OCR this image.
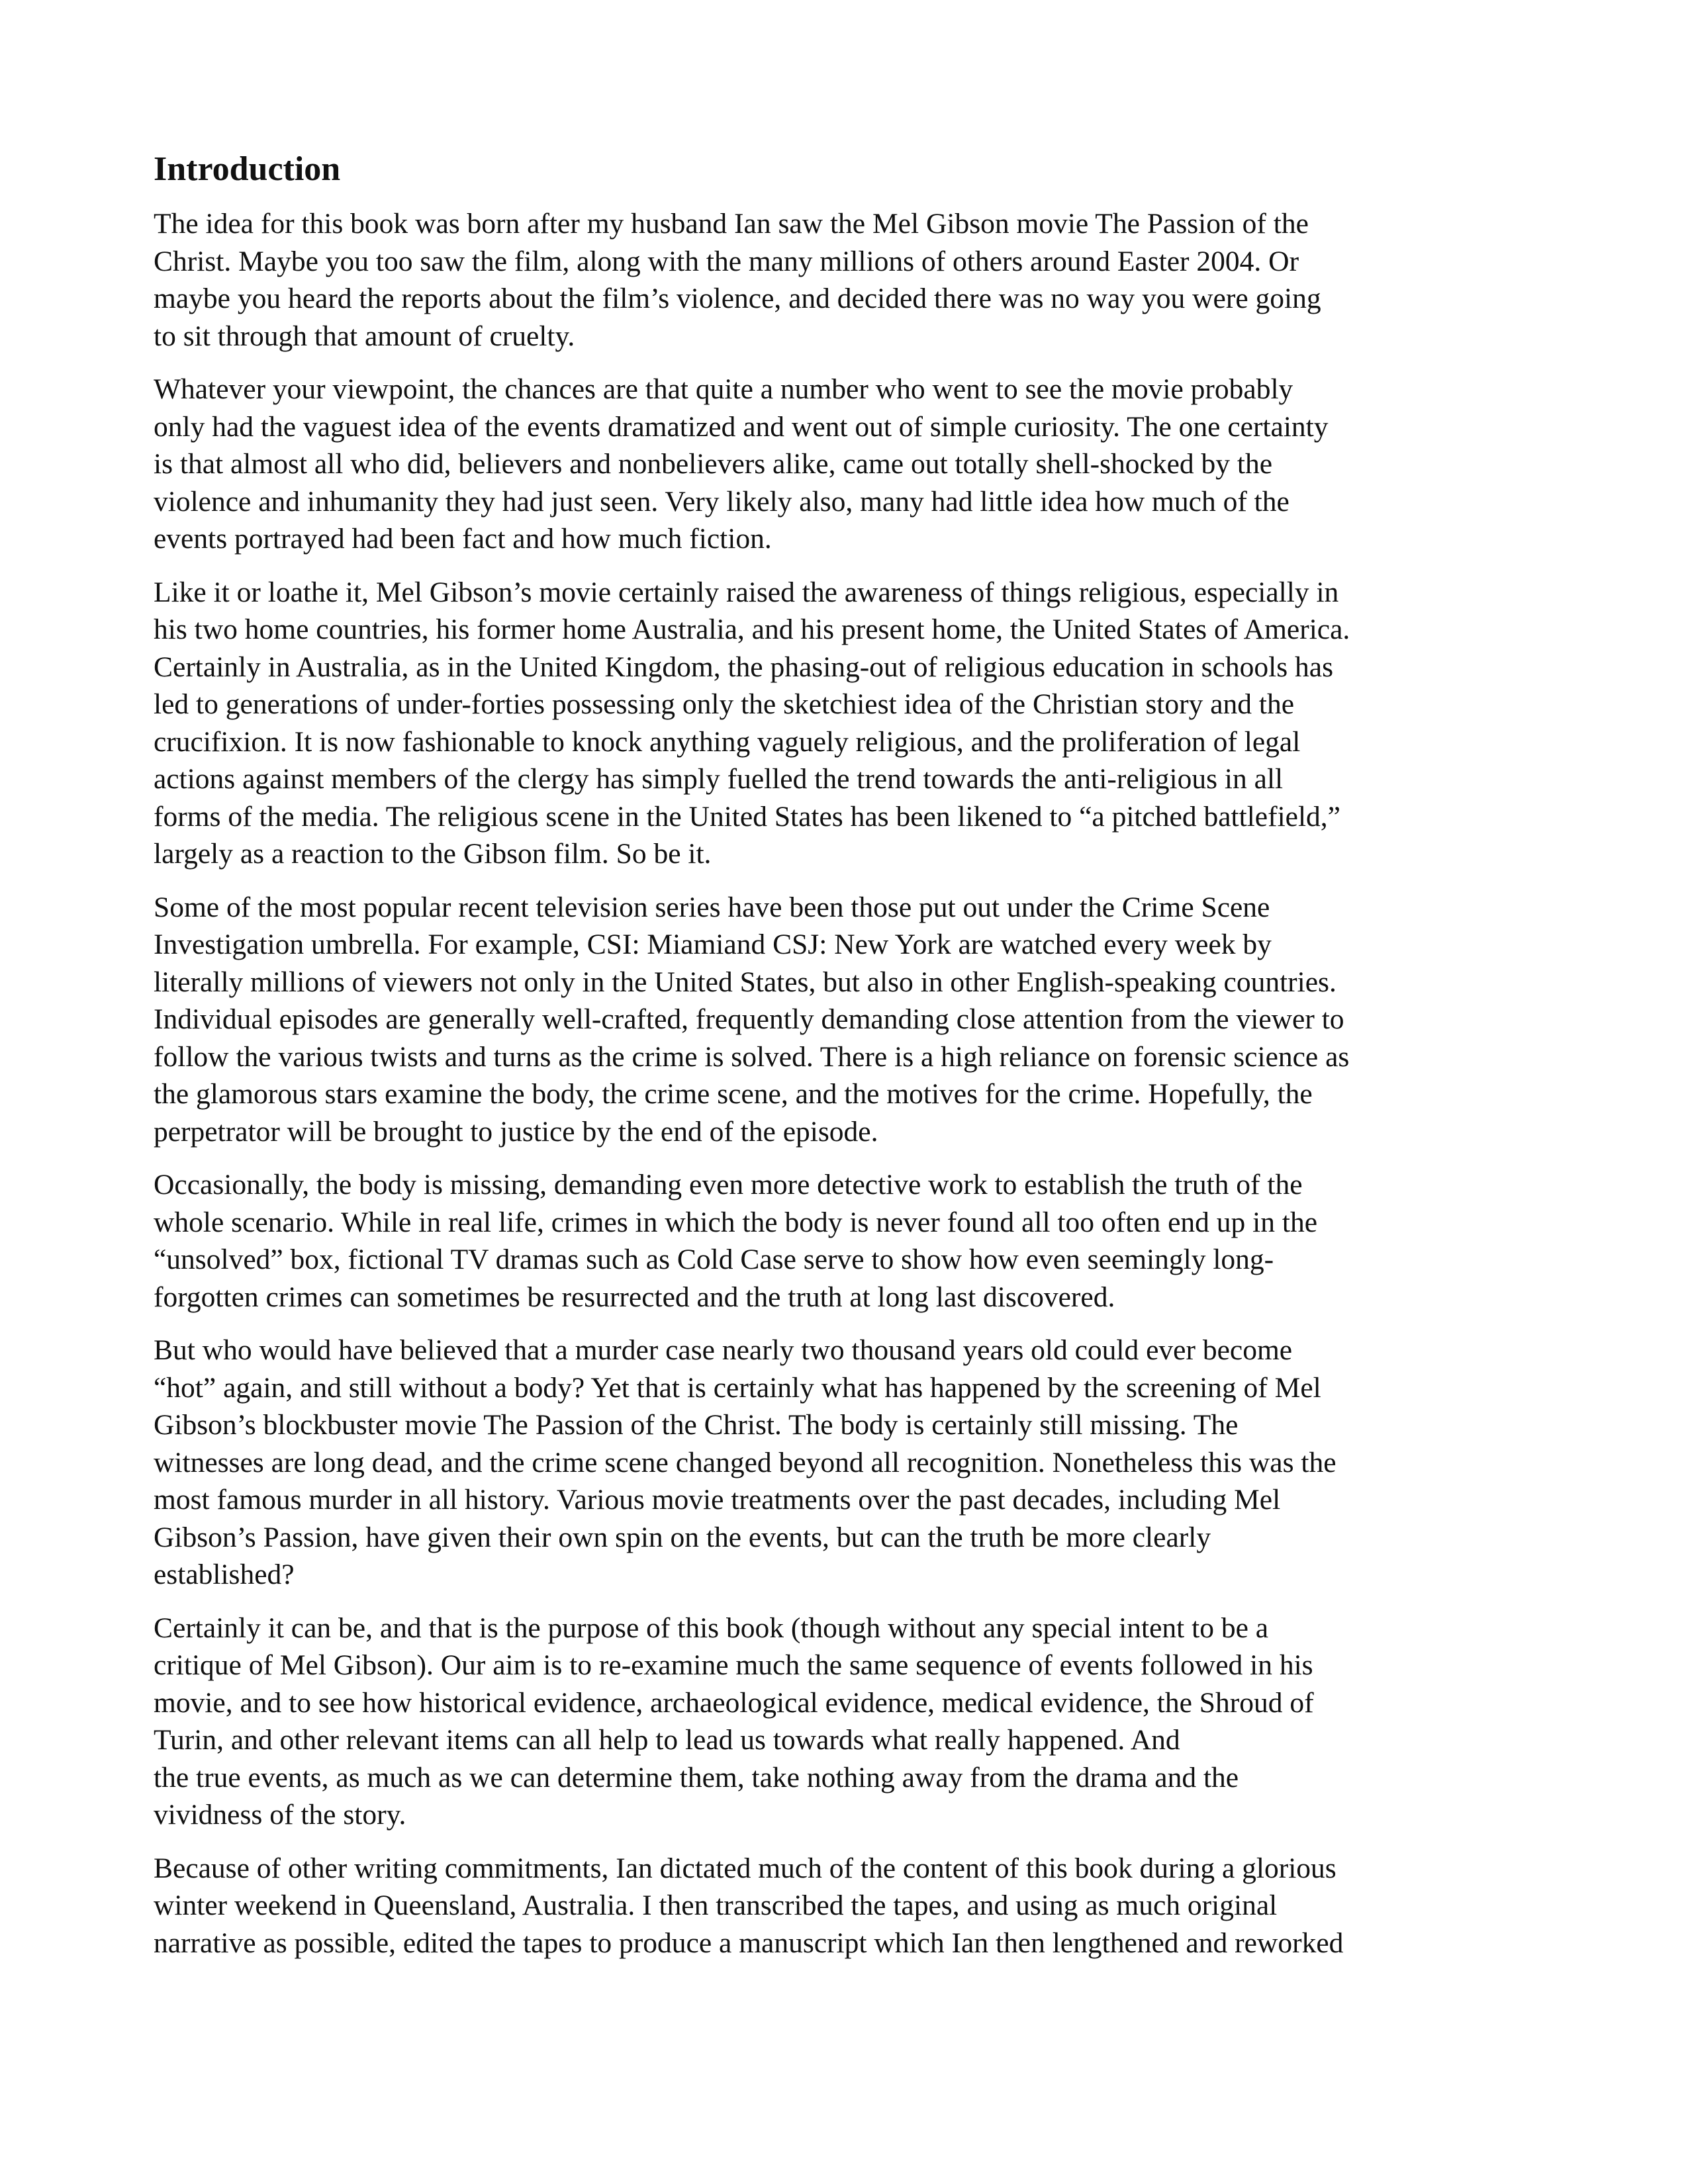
Introduction

The idea for this book was born after my husband Ian saw the Mel Gibson movie The Passion of the
Christ. Maybe you too saw the film, along with the many millions of others around Easter 2004. Or
maybe you heard the reports about the film’s violence, and decided there was no way you were going
to sit through that amount of cruelty.

Whatever your viewpoint, the chances are that quite a number who went to see the movie probably
only had the vaguest idea of the events dramatized and went out of simple curiosity. The one certainty
is that almost all who did, believers and nonbelievers alike, came out totally shell-shocked by the
violence and inhumanity they had just seen. Very likely also, many had little idea how much of the
events portrayed had been fact and how much fiction.

Like it or loathe it, Mel Gibson’s movie certainly raised the awareness of things religious, especially in
his two home countries, his former home Australia, and his present home, the United States of America.
Certainly in Australia, as in the United Kingdom, the phasing-out of religious education in schools has
led to generations of under-forties possessing only the sketchiest idea of the Christian story and the
crucifixion. It is now fashionable to knock anything vaguely religious, and the proliferation of legal
actions against members of the clergy has simply fuelled the trend towards the anti-religious in all
forms of the media. The religious scene in the United States has been likened to “a pitched battlefield,”
largely as a reaction to the Gibson film. So be it.

Some of the most popular recent television series have been those put out under the Crime Scene
Investigation umbrella. For example, CSI: Miamiand CSJ: New York are watched every week by
literally millions of viewers not only in the United States, but also in other English-speaking countries.
Individual episodes are generally well-crafted, frequently demanding close attention from the viewer to
follow the various twists and turns as the crime is solved. There is a high reliance on forensic science as
the glamorous stars examine the body, the crime scene, and the motives for the crime. Hopefully, the
perpetrator will be brought to justice by the end of the episode.

Occasionally, the body is missing, demanding even more detective work to establish the truth of the
whole scenario. While in real life, crimes in which the body is never found all too often end up in the
“unsolved” box, fictional TV dramas such as Cold Case serve to show how even seemingly long-
forgotten crimes can sometimes be resurrected and the truth at long last discovered.

But who would have believed that a murder case nearly two thousand years old could ever become
“hot” again, and still without a body? Yet that is certainly what has happened by the screening of Mel
Gibson’s blockbuster movie The Passion of the Christ. The body is certainly still missing. The
witnesses are long dead, and the crime scene changed beyond all recognition. Nonetheless this was the
most famous murder in all history. Various movie treatments over the past decades, including Mel
Gibson’s Passion, have given their own spin on the events, but can the truth be more clearly
established?

Certainly it can be, and that is the purpose of this book (though without any special intent to be a
critique of Mel Gibson). Our aim is to re-examine much the same sequence of events followed in his
movie, and to see how historical evidence, archaeological evidence, medical evidence, the Shroud of
Turin, and other relevant items can all help to lead us towards what really happened. And
the true events, as much as we can determine them, take nothing away from the drama and the
vividness of the story.

Because of other writing commitments, Ian dictated much of the content of this book during a glorious
winter weekend in Queensland, Australia. I then transcribed the tapes, and using as much original
narrative as possible, edited the tapes to produce a manuscript which Ian then lengthened and reworked
